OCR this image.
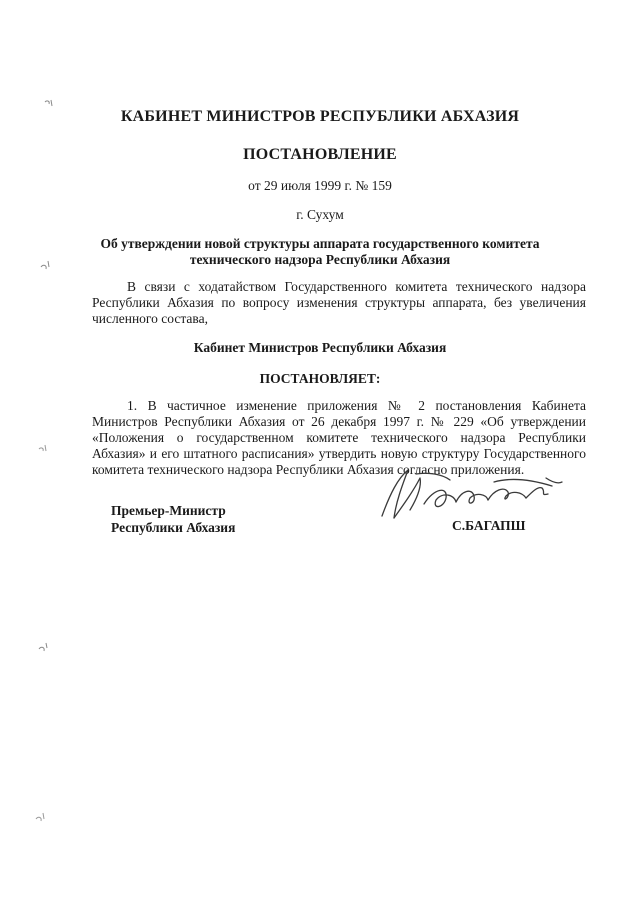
КАБИНЕТ МИНИСТРОВ РЕСПУБЛИКИ АБХАЗИЯ
ПОСТАНОВЛЕНИЕ
от 29 июля 1999 г. № 159
г. Сухум
Об утверждении новой структуры аппарата государственного комитета
технического надзора Республики Абхазия
В связи с ходатайством Государственного комитета технического надзора Республики Абхазия по вопросу изменения структуры аппарата, без увеличения численного состава,
Кабинет Министров Республики Абхазия
ПОСТАНОВЛЯЕТ:
1. В частичное изменение приложения № 2 постановления Кабинета Министров Республики Абхазия от 26 декабря 1997 г. № 229 «Об утверждении «Положения о государственном комитете технического надзора Республики Абхазия» и его штатного расписания» утвердить новую структуру Государственного комитета технического надзора Республики Абхазия согласно приложения.
Премьер-Министр
Республики Абхазия	С.БАГАПШ
